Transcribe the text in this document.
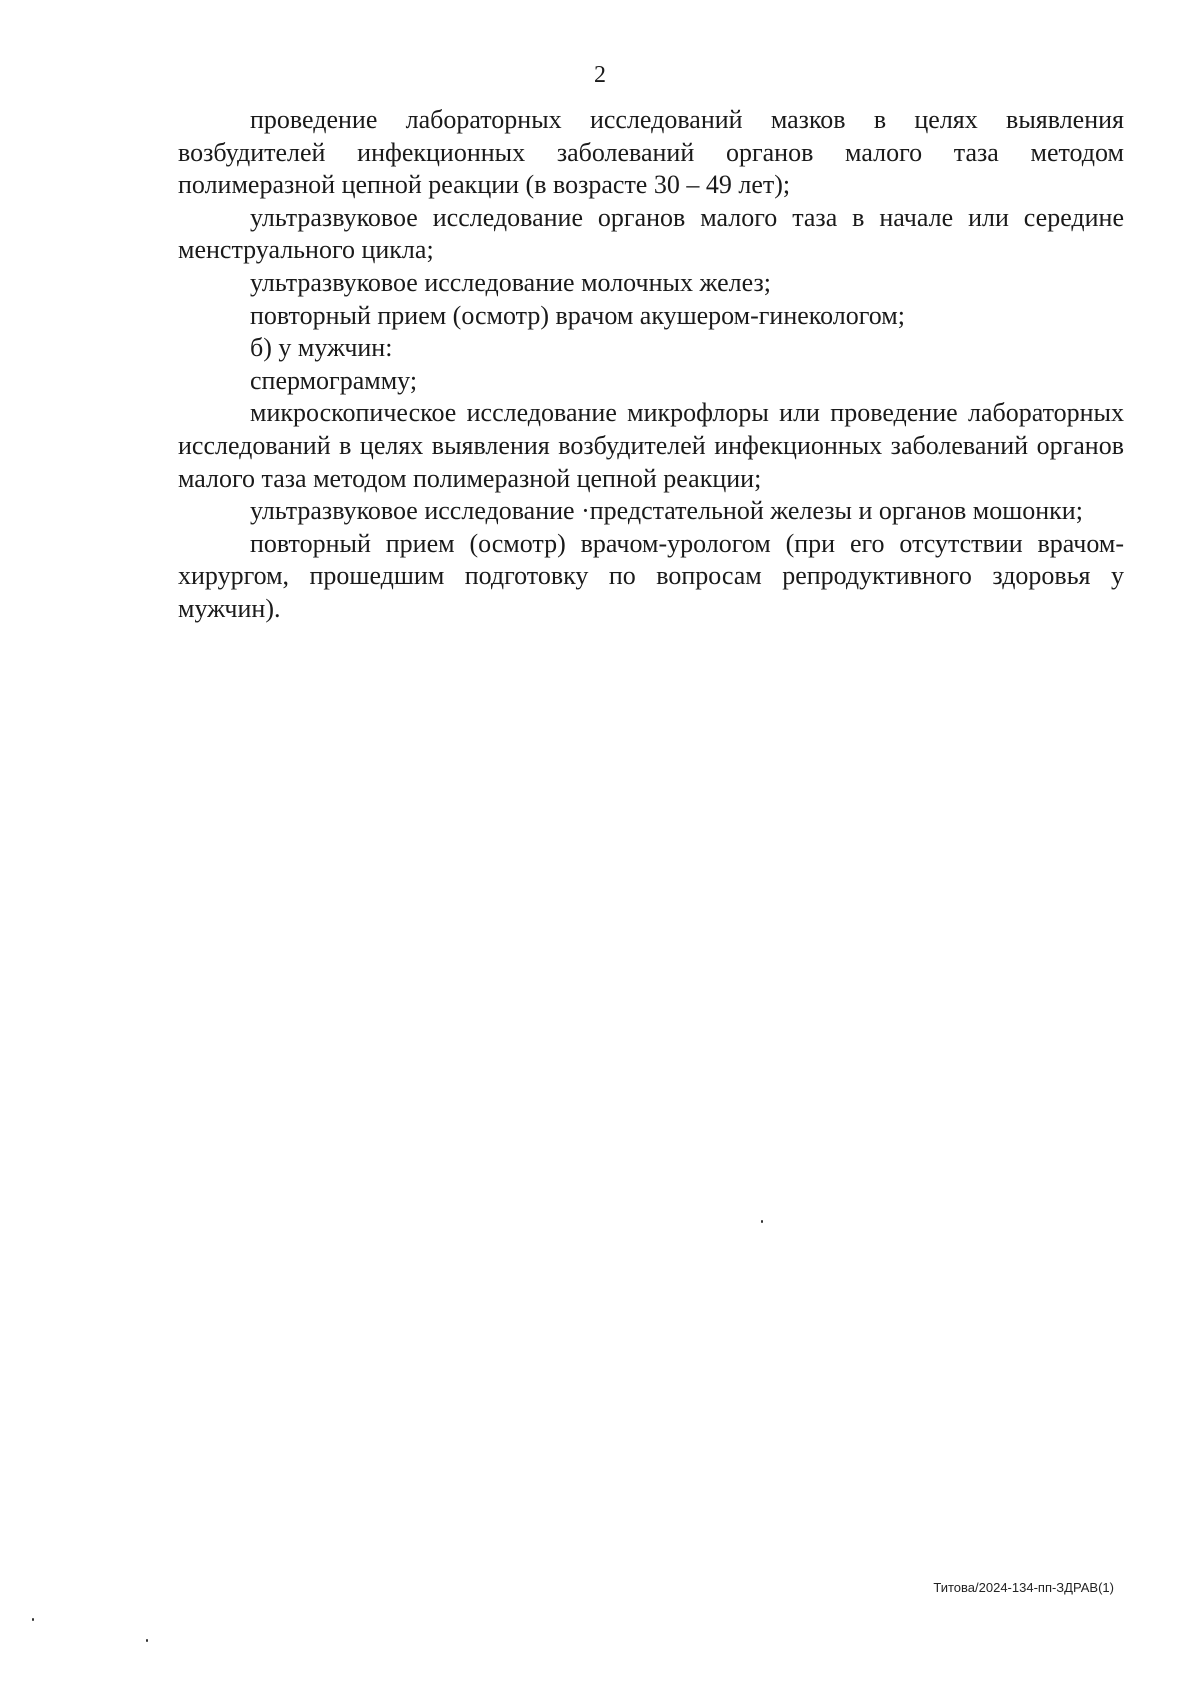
2

проведение лабораторных исследований мазков в целях выявления возбудителей инфекционных заболеваний органов малого таза методом полимеразной цепной реакции (в возрасте 30 – 49 лет);

ультразвуковое исследование органов малого таза в начале или середине менструального цикла;

ультразвуковое исследование молочных желез;

повторный прием (осмотр) врачом акушером-гинекологом;

б) у мужчин:

спермограмму;

микроскопическое исследование микрофлоры или проведение лабораторных исследований в целях выявления возбудителей инфекционных заболеваний органов малого таза методом полимеразной цепной реакции;

ультразвуковое исследование ·предстательной железы и органов мошонки;

повторный прием (осмотр) врачом-урологом (при его отсутствии врачом-хирургом, прошедшим подготовку по вопросам репродуктивного здоровья у мужчин).

Титова/2024-134-пп-ЗДРАВ(1)
